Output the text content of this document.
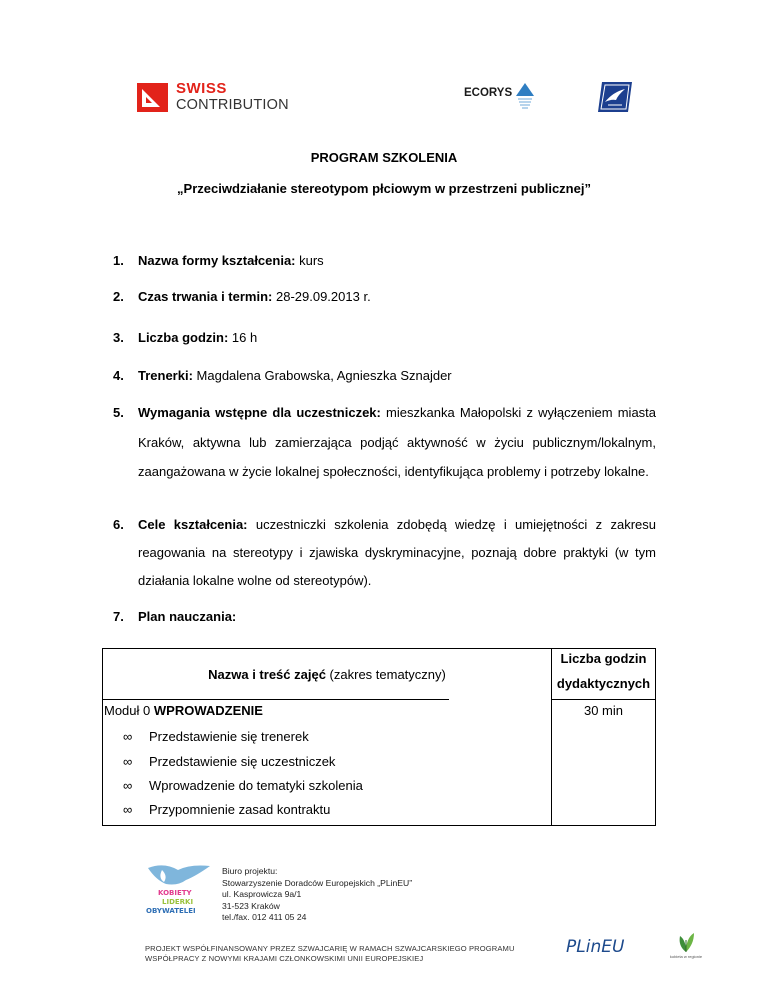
SWISS
CONTRIBUTION
ECORYS
PROGRAM SZKOLENIA
„Przeciwdziałanie stereotypom płciowym w przestrzeni publicznej”
1. Nazwa formy kształcenia: kurs
2. Czas trwania i termin: 28-29.09.2013 r.
3. Liczba godzin: 16 h
4. Trenerki: Magdalena Grabowska, Agnieszka Sznajder
5. Wymagania wstępne dla uczestniczek: mieszkanka Małopolski z wyłączeniem miasta Kraków, aktywna lub zamierzająca podjąć aktywność w życiu publicznym/lokalnym, zaangażowana w życie lokalnej społeczności, identyfikująca problemy i potrzeby lokalne.
6. Cele kształcenia: uczestniczki szkolenia zdobędą wiedzę i umiejętności z zakresu reagowania na stereotypy i zjawiska dyskryminacyjne, poznają dobre praktyki (w tym działania lokalne wolne od stereotypów).
7. Plan nauczania:
Nazwa i treść zajęć (zakres tematyczny)
Liczba godzin
dydaktycznych
Moduł 0 WPROWADZENIE	30 min
∞ Przedstawienie się trenerek
∞ Przedstawienie się uczestniczek
∞ Wprowadzenie do tematyki szkolenia
∞ Przypomnienie zasad kontraktu
KOBIETY
LIDERKI
OBYWATELEI
Biuro projektu:
Stowarzyszenie Doradców Europejskich „PLinEU”
ul. Kasprowicza 9a/1
31-523 Kraków
tel./fax. 012 411 05 24
PROJEKT WSPÓŁFINANSOWANY PRZEZ SZWAJCARIĘ W RAMACH SZWAJCARSKIEGO PROGRAMU
WSPÓŁPRACY Z NOWYMI KRAJAMI CZŁONKOWSKIMI UNII EUROPEJSKIEJ
PLinEU	kobieta w regionie
